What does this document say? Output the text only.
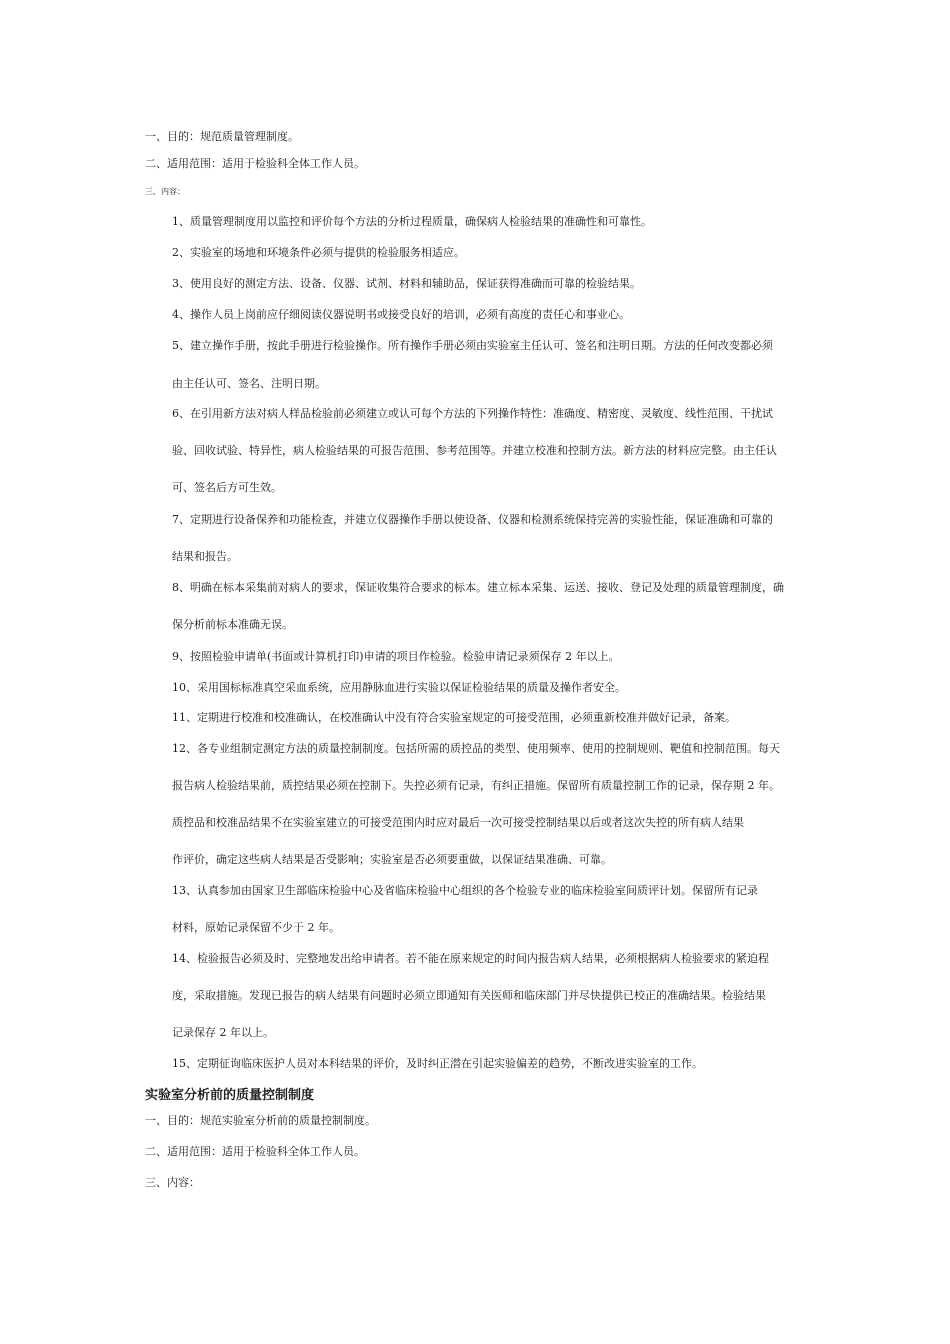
一、目的：规范质量管理制度。
二、适用范围：适用于检验科全体工作人员。
三、内容：
1、质量管理制度用以监控和评价每个方法的分析过程质量，确保病人检验结果的准确性和可靠性。
2、实验室的场地和环境条件必须与提供的检验服务相适应。
3、使用良好的测定方法、设备、仪器、试剂、材料和辅助品，保证获得准确而可靠的检验结果。
4、操作人员上岗前应仔细阅读仪器说明书或接受良好的培训，必须有高度的责任心和事业心。
5、建立操作手册，按此手册进行检验操作。所有操作手册必须由实验室主任认可、签名和注明日期。方法的任何改变都必须
由主任认可、签名、注明日期。
6、在引用新方法对病人样品检验前必须建立或认可每个方法的下列操作特性：准确度、精密度、灵敏度、线性范围、干扰试
验、回收试验、特异性，病人检验结果的可报告范围、参考范围等。并建立校准和控制方法。新方法的材料应完整。由主任认
可、签名后方可生效。
7、定期进行设备保养和功能检查，并建立仪器操作手册以使设备、仪器和检测系统保持完善的实验性能，保证准确和可靠的
结果和报告。
8、明确在标本采集前对病人的要求，保证收集符合要求的标本。建立标本采集、运送、接收、登记及处理的质量管理制度，确
保分析前标本准确无误。
9、按照检验申请单(书面或计算机打印)申请的项目作检验。检验申请记录须保存 2 年以上。
10、采用国标标准真空采血系统，应用静脉血进行实验以保证检验结果的质量及操作者安全。
11、定期进行校准和校准确认，在校准确认中没有符合实验室规定的可接受范围，必须重新校准并做好记录，备案。
12、各专业组制定测定方法的质量控制制度。包括所需的质控品的类型、使用频率、使用的控制规则、靶值和控制范围。每天
报告病人检验结果前，质控结果必须在控制下。失控必须有记录，有纠正措施。保留所有质量控制工作的记录，保存期 2 年。
质控品和校准品结果不在实验室建立的可接受范围内时应对最后一次可接受控制结果以后或者这次失控的所有病人结果
作评价，确定这些病人结果是否受影响；实验室是否必须要重做，以保证结果准确、可靠。
13、认真参加由国家卫生部临床检验中心及省临床检验中心组织的各个检验专业的临床检验室间质评计划。保留所有记录
材料，原始记录保留不少于 2 年。
14、检验报告必须及时、完整地发出给申请者。若不能在原来规定的时间内报告病人结果，必须根据病人检验要求的紧迫程
度，采取措施。发现已报告的病人结果有问题时必须立即通知有关医师和临床部门并尽快提供已校正的准确结果。检验结果
记录保存 2 年以上。
15、定期征询临床医护人员对本科结果的评价，及时纠正潜在引起实验偏差的趋势，不断改进实验室的工作。
实验室分析前的质量控制制度
一、目的：规范实验室分析前的质量控制制度。
二、适用范围：适用于检验科全体工作人员。
三、内容：
